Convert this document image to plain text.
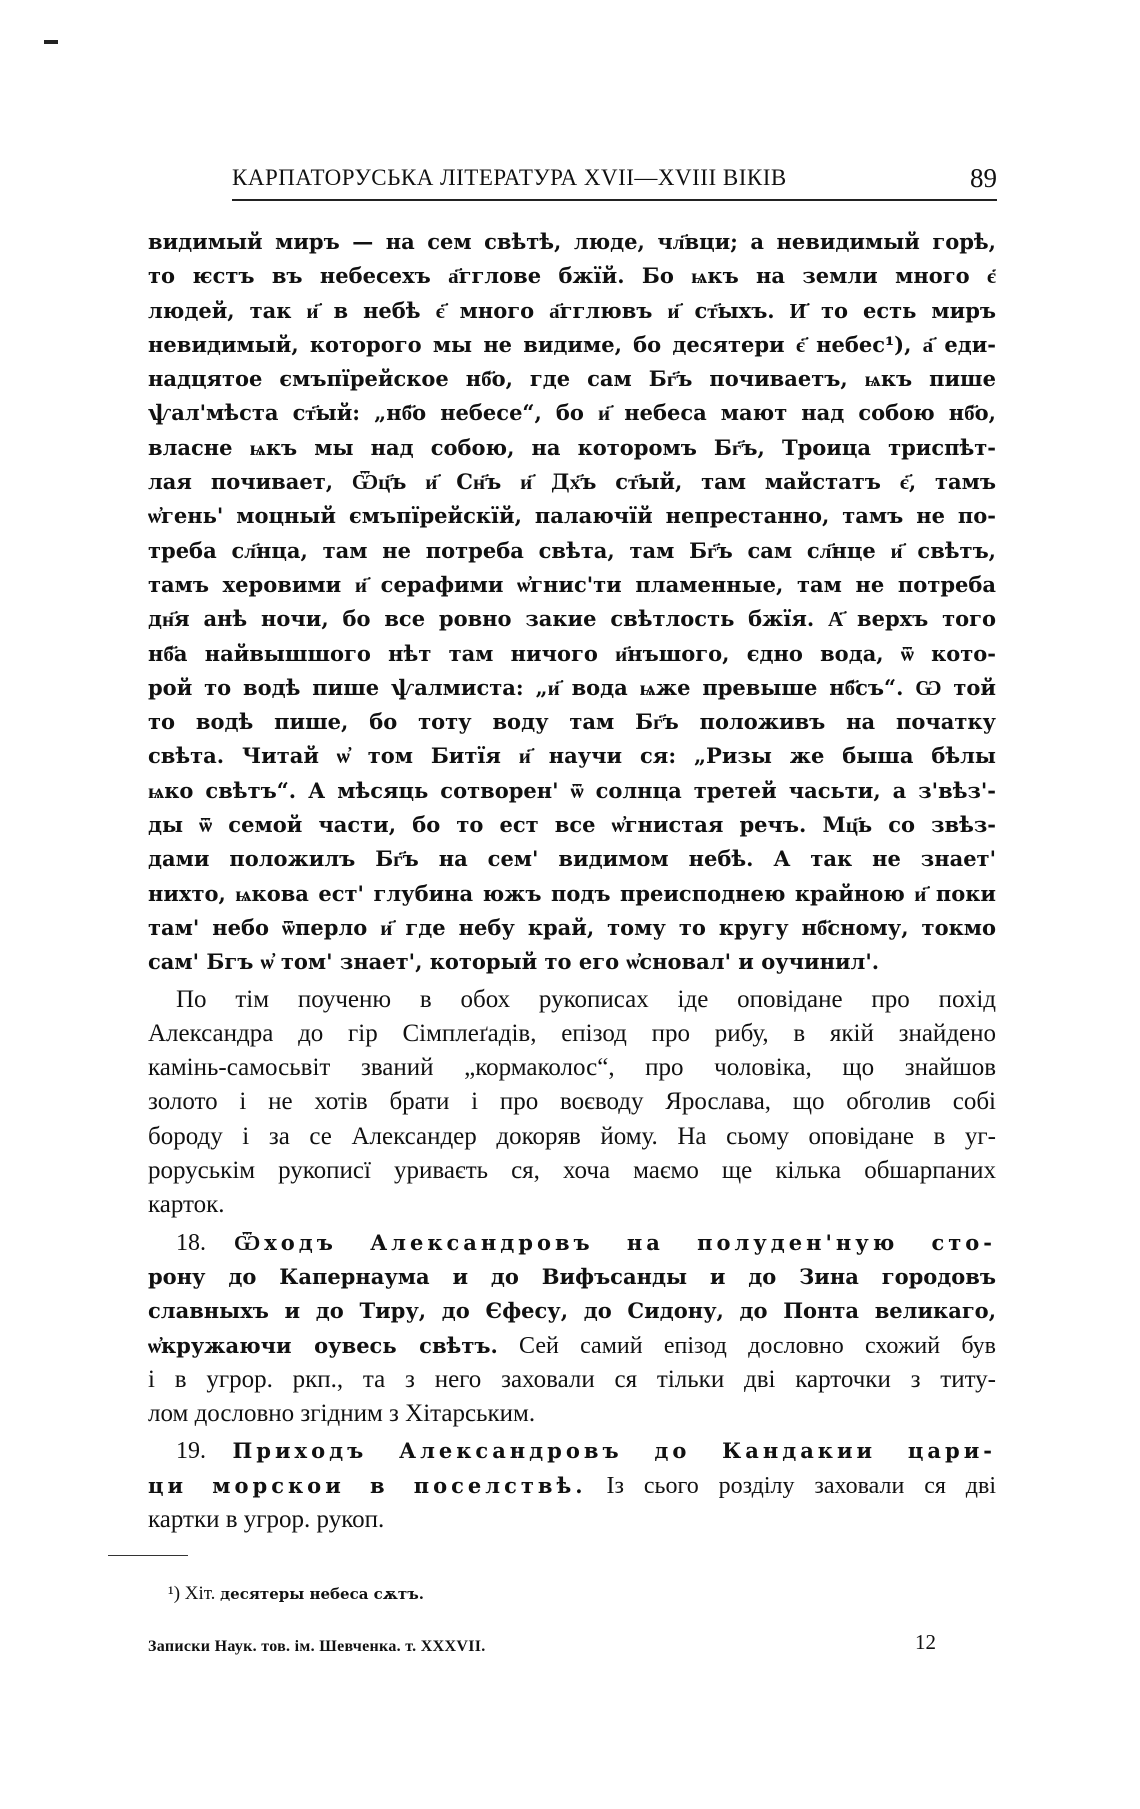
КАРПАТОРУСЬКА ЛІТЕРАТУРА XVII—XVIII ВІКІВ	89
видимый миръ — на сем свѣтѣ, люде, чл҃вци; а невидимый горѣ,
то ѥстъ въ небесехъ а҃гглове бжїй. Бо ѩкъ на земли много є҃
людей, так и҃ в небѣ є҃ много а҃гглювъ и҃ ст҃ыхъ. И҃ то есть миръ
невидимый, которого мы не видиме, бо десятери є҃ небес¹), а҃ еди-
надцятое ємъпїрейское нб҃о, где сам Бг҃ъ почиваетъ, ѩкъ пише
ѱал'мѣста ст҃ый: „нб҃о небесе“, бо и҃ небеса мают над собою нб҃о,
власне ѩкъ мы над собою, на которомъ Бг҃ъ, Троица триспѣт-
лая почивает, Ѿц҃ъ и҃ Сн҃ъ и҃ Дх҃ъ ст҃ый, там майстатъ є҃, тамъ
ѡ҆гень' моцный ємъпїрейскїй, палаючїй непрестанно, тамъ не по-
треба сл҃нца, там не потреба свѣта, там Бг҃ъ сам сл҃нце и҃ свѣтъ,
тамъ херовими и҃ серафими ѡ҆гнис'ти пламенные, там не потреба
дн҃я анѣ ночи, бо все ровно закие свѣтлость бжїя. А҃ верхъ того
нб҃а найвышшого нѣт там ничого и҃нъшого, єдно вода, ѿ кото-
рой то водѣ пише ѱалмиста: „и҃ вода ѩже превыше нб҃съ“. Ѡ той
то водѣ пише, бо тоту воду там Бг҃ъ положивъ на початку
свѣта. Читай ѡ҆ том Битїя и҃ научи ся: „Ризы же быша бѣлы
ѩко свѣтъ“. А мѣсяць сотворен' ѿ солнца третей часьти, а з'вѣз'-
ды ѿ семой части, бо то ест все ѡ҆гнистая речъ. Мц҃ь со звѣз-
дами положилъ Бг҃ъ на сем' видимом небѣ. А так не знает'
нихто, ѩкова ест' глубина южъ подъ преисподнею крайною и҃ поки
там' небо ѿперло и҃ где небу край, тому то кругу нб҃сному, токмо
сам' Бгъ ѡ҆ том' знает', который то его ѡ҆сновал' и оучинил'.
По тім поученю в обох рукописах іде оповідане про похід
Александра до гір Сімплеґадів, епізод про рибу, в якій знайдено
камінь-самосьвіт званий „кормаколос“, про чоловіка, що знайшов
золото і не хотів брати і про воєводу Ярослава, що обголив собі
бороду і за се Александер докоряв йому. На сьому оповідане в уг-
роруськім рукописї уриваєть ся, хоча маємо ще кілька обшарпаних
карток.
18. Ѿходъ Алексaндровъ на полуден'ную сто-
рону до Капернаума и до Вифъсанды и до Зина городовъ
славныхъ и до Тиру, до Єфесу, до Сидону, до Понта великаго,
ѡ҆кружаючи оувесь свѣтъ. Сей самий епізод дословно схожий був
і в угрор. ркп., та з него заховали ся тільки дві карточки з титу-
лом дословно згідним з Хітарським.
19. Приходъ Алексaндровъ до Кандакии цари-
ци морскои в поселствѣ. Із сього розділу заховали ся дві
картки в угрор. рукоп.
¹) Хіт. десятеры небеса сѫтъ.
Записки Наук. тов. ім. Шевченка. т. XXXVII.	12
